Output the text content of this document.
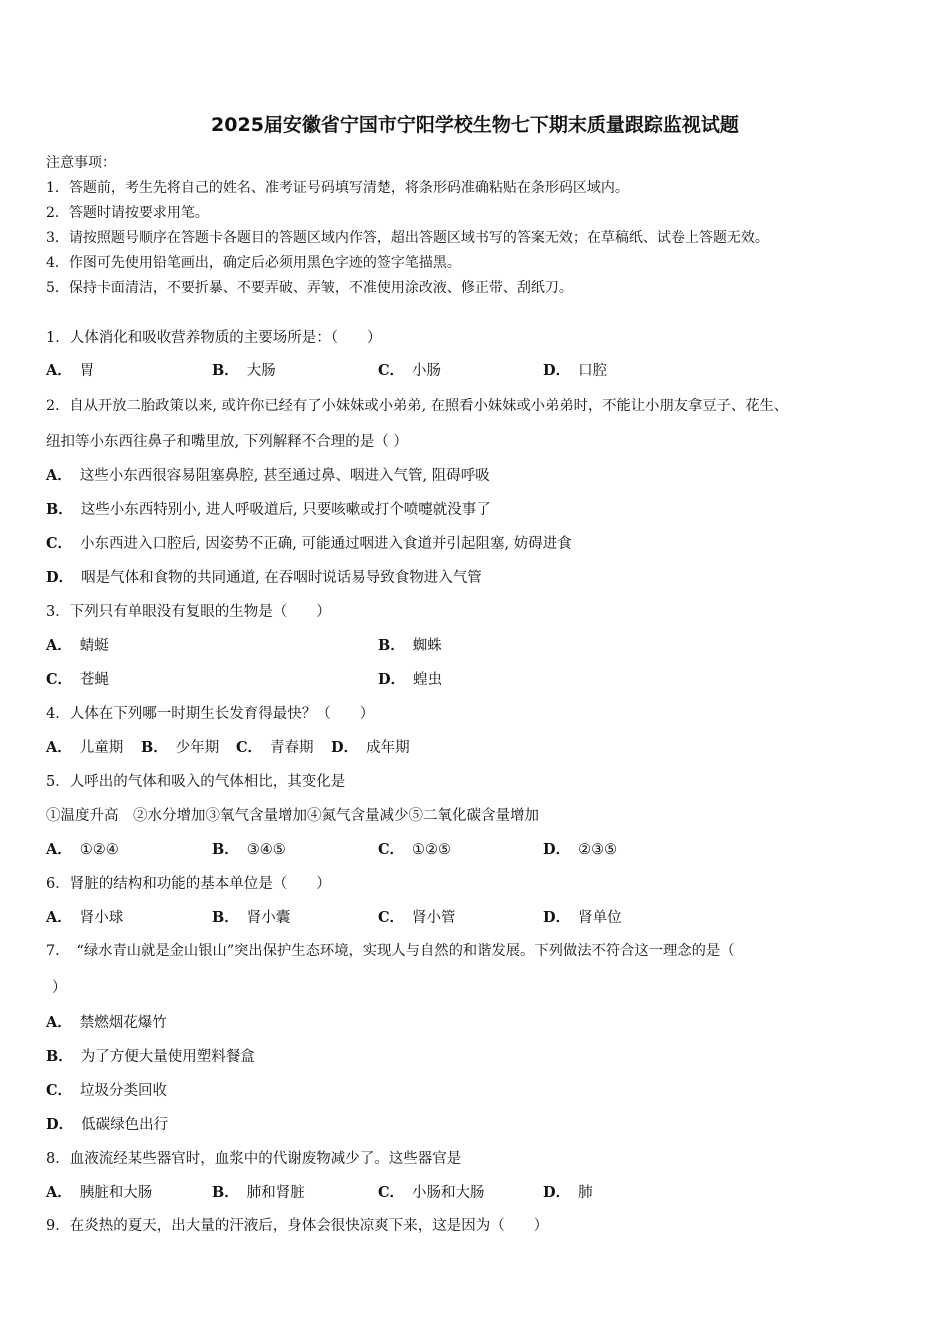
2025届安徽省宁国市宁阳学校生物七下期末质量跟踪监视试题
注意事项：
1．答题前，考生先将自己的姓名、准考证号码填写清楚，将条形码准确粘贴在条形码区域内。
2．答题时请按要求用笔。
3．请按照题号顺序在答题卡各题目的答题区域内作答，超出答题区域书写的答案无效；在草稿纸、试卷上答题无效。
4．作图可先使用铅笔画出，确定后必须用黑色字迹的签字笔描黑。
5．保持卡面清洁，不要折暴、不要弄破、弄皱，不准使用涂改液、修正带、刮纸刀。
1．人体消化和吸收营养物质的主要场所是：（　　）
A． 胃	B． 大肠	C． 小肠	D． 口腔
2．自从开放二胎政策以来, 或许你已经有了小妹妹或小弟弟, 在照看小妹妹或小弟弟时，不能让小朋友拿豆子、花生、
纽扣等小东西往鼻子和嘴里放, 下列解释不合理的是（ ）
A． 这些小东西很容易阻塞鼻腔, 甚至通过鼻、咽进入气管, 阻碍呼吸
B． 这些小东西特别小, 进人呼吸道后, 只要咳嗽或打个喷嚏就没事了
C． 小东西进入口腔后, 因姿势不正确, 可能通过咽进入食道并引起阻塞, 妨碍进食
D． 咽是气体和食物的共同通道, 在吞咽时说话易导致食物进入气管
3．下列只有单眼没有复眼的生物是（　　）
A． 蜻蜓	B． 蜘蛛
C． 苍蝇	D． 蝗虫
4．人体在下列哪一时期生长发育得最快？（　　）
A． 儿童期 B． 少年期 C． 青春期 D． 成年期
5．人呼出的气体和吸入的气体相比，其变化是
①温度升高　②水分增加③氧气含量增加④氮气含量减少⑤二氧化碳含量增加
A． ①②④	B． ③④⑤	C． ①②⑤	D． ②③⑤
6．肾脏的结构和功能的基本单位是（　　）
A． 肾小球	B． 肾小囊	C． 肾小管	D． 肾单位
7．　“绿水青山就是金山银山”突出保护生态环境，实现人与自然的和谐发展。下列做法不符合这一理念的是（
）
A． 禁燃烟花爆竹
B． 为了方便大量使用塑料餐盒
C． 垃圾分类回收
D． 低碳绿色出行
8．血液流经某些器官时，血浆中的代谢废物减少了。这些器官是
A． 胰脏和大肠	B． 肺和肾脏	C． 小肠和大肠	D． 肺
9．在炎热的夏天，出大量的汗液后，身体会很快凉爽下来，这是因为（　　）
